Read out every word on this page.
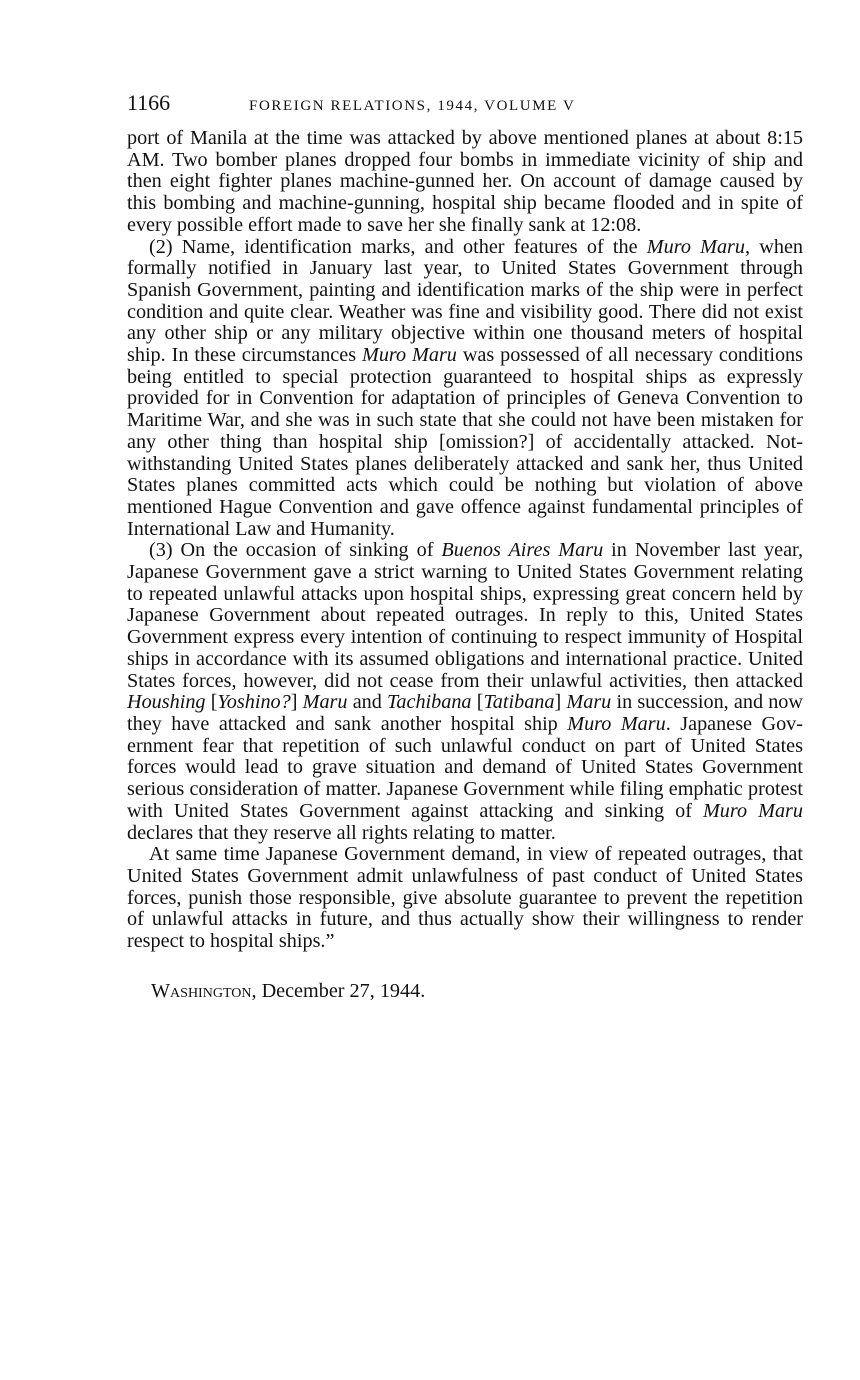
1166	FOREIGN RELATIONS, 1944, VOLUME V

port of Manila at the time was attacked by above mentioned planes at about 8:15 AM. Two bomber planes dropped four bombs in immediate vicinity of ship and then eight fighter planes machine-gunned her. On account of damage caused by this bombing and machine-gunning, hospital ship became flooded and in spite of every possible effort made to save her she finally sank at 12:08.

(2) Name, identification marks, and other features of the Muro Maru, when formally notified in January last year, to United States Government through Spanish Government, painting and identification marks of the ship were in perfect condition and quite clear. Weather was fine and visibility good. There did not exist any other ship or any military objective within one thousand meters of hospital ship. In these circumstances Muro Maru was possessed of all necessary conditions being entitled to special protection guaranteed to hospital ships as expressly provided for in Convention for adaptation of principles of Geneva Convention to Maritime War, and she was in such state that she could not have been mistaken for any other thing than hospital ship [omission?] of accidentally attacked. Notwithstanding United States planes deliberately attacked and sank her, thus United States planes committed acts which could be nothing but violation of above mentioned Hague Convention and gave offence against fundamental principles of International Law and Humanity.

(3) On the occasion of sinking of Buenos Aires Maru in November last year, Japanese Government gave a strict warning to United States Government relating to repeated unlawful attacks upon hospital ships, expressing great concern held by Japanese Government about repeated outrages. In reply to this, United States Government express every intention of continuing to respect immunity of Hospital ships in accordance with its assumed obligations and international practice. United States forces, however, did not cease from their unlawful activities, then attacked Houshing [Yoshino?] Maru and Tachibana [Tatibana] Maru in succession, and now they have attacked and sank another hospital ship Muro Maru. Japanese Government fear that repetition of such unlawful conduct on part of United States forces would lead to grave situation and demand of United States Government serious consideration of matter. Japanese Government while filing emphatic protest with United States Government against attacking and sinking of Muro Maru declares that they reserve all rights relating to matter.

At same time Japanese Government demand, in view of repeated outrages, that United States Government admit unlawfulness of past conduct of United States forces, punish those responsible, give absolute guarantee to prevent the repetition of unlawful attacks in future, and thus actually show their willingness to render respect to hospital ships.”

Washington, December 27, 1944.
